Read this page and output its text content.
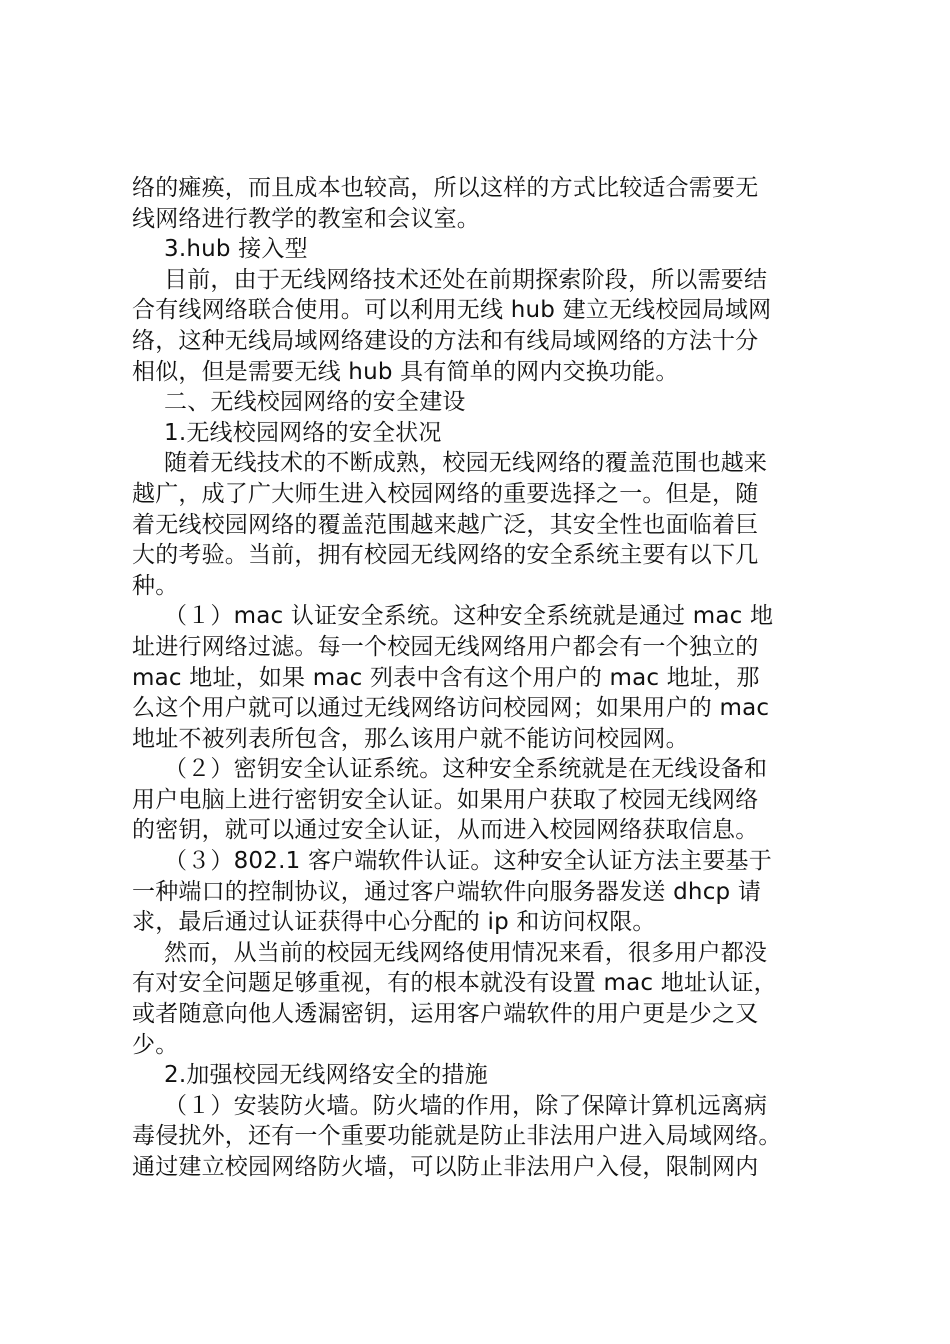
络的瘫痪，而且成本也较高，所以这样的方式比较适合需要无
线网络进行教学的教室和会议室。
3.hub 接入型
目前，由于无线网络技术还处在前期探索阶段，所以需要结
合有线网络联合使用。可以利用无线 hub 建立无线校园局域网
络，这种无线局域网络建设的方法和有线局域网络的方法十分
相似，但是需要无线 hub 具有简单的网内交换功能。
二、无线校园网络的安全建设
1.无线校园网络的安全状况
随着无线技术的不断成熟，校园无线网络的覆盖范围也越来
越广，成了广大师生进入校园网络的重要选择之一。但是，随
着无线校园网络的覆盖范围越来越广泛，其安全性也面临着巨
大的考验。当前，拥有校园无线网络的安全系统主要有以下几
种。
（１）mac 认证安全系统。这种安全系统就是通过 mac 地
址进行网络过滤。每一个校园无线网络用户都会有一个独立的
mac 地址，如果 mac 列表中含有这个用户的 mac 地址，那
么这个用户就可以通过无线网络访问校园网；如果用户的 mac
地址不被列表所包含，那么该用户就不能访问校园网。
（２）密钥安全认证系统。这种安全系统就是在无线设备和
用户电脑上进行密钥安全认证。如果用户获取了校园无线网络
的密钥，就可以通过安全认证，从而进入校园网络获取信息。
（３）802.1 客户端软件认证。这种安全认证方法主要基于
一种端口的控制协议，通过客户端软件向服务器发送 dhcp 请
求，最后通过认证获得中心分配的 ip 和访问权限。
然而，从当前的校园无线网络使用情况来看，很多用户都没
有对安全问题足够重视，有的根本就没有设置 mac 地址认证，
或者随意向他人透漏密钥，运用客户端软件的用户更是少之又
少。
2.加强校园无线网络安全的措施
（１）安装防火墙。防火墙的作用，除了保障计算机远离病
毒侵扰外，还有一个重要功能就是防止非法用户进入局域网络。
通过建立校园网络防火墙，可以防止非法用户入侵，限制网内
